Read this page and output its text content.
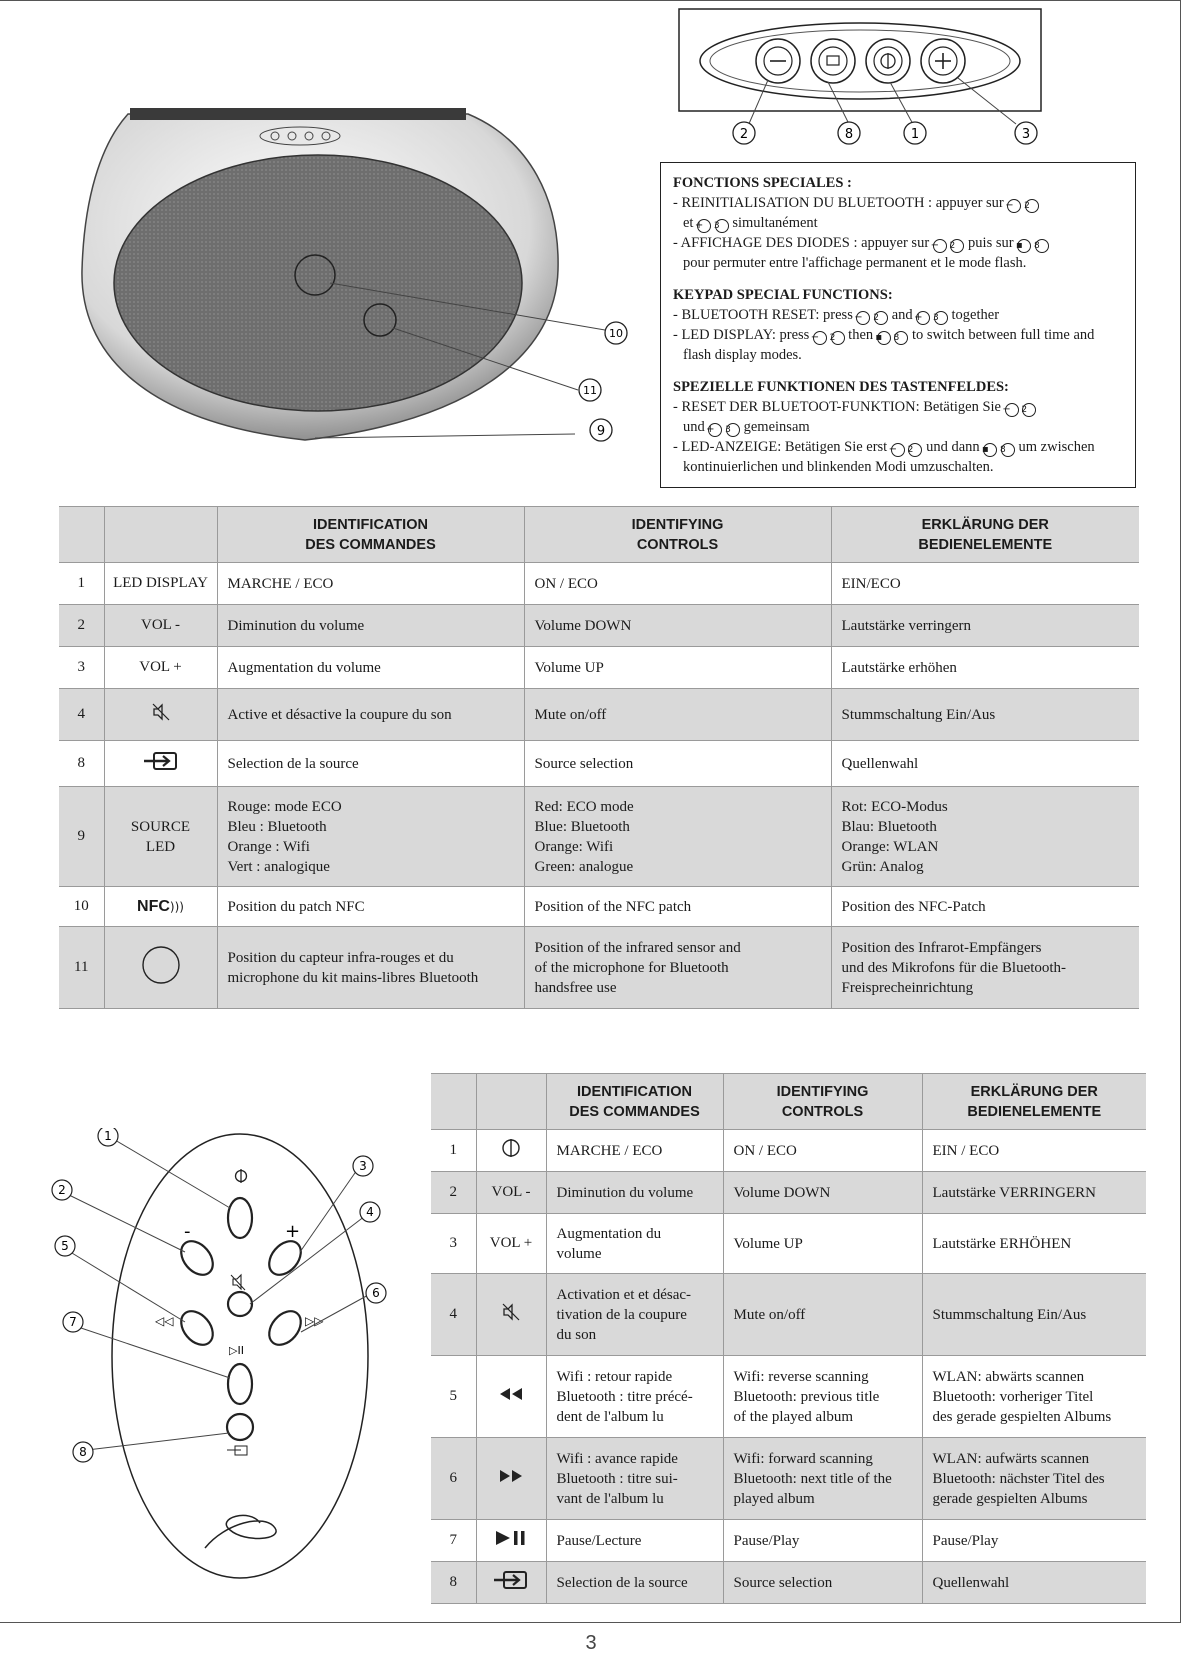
2	8	1	3
10
11
9
FONCTIONS SPECIALES :
- REINITIALISATION DU BLUETOOTH : appuyer sur − 2
et + 3 simultanément
- AFFICHAGE DES DIODES : appuyer sur − 2 puis sur ▪ 8
pour permuter entre l'affichage permanent et le mode flash.
KEYPAD SPECIAL FUNCTIONS:
- BLUETOOTH RESET: press − 2 and + 3 together
- LED DISPLAY: press − 2 then ▪ 8 to switch between full time and flash display modes.
SPEZIELLE FUNKTIONEN DES TASTENFELDES:
- RESET DER BLUETOOT-FUNKTION: Betätigen Sie − 2
und + 3 gemeinsam
- LED-ANZEIGE: Betätigen Sie erst − 2 und dann ▪ 8 um zwischen kontinuierlichen und blinkenden Modi umzuschalten.
		IDENTIFICATION
DES COMMANDES	IDENTIFYING
CONTROLS	ERKLÄRUNG DER
BEDIENELEMENTE
1	LED DISPLAY	MARCHE / ECO	ON / ECO	EIN/ECO
2	VOL -	Diminution du volume	Volume DOWN	Lautstärke verringern
3	VOL +	Augmentation du volume	Volume UP	Lautstärke erhöhen
4		Active et désactive la coupure du son	Mute on/off	Stummschaltung Ein/Aus
8		Selection de la source	Source selection	Quellenwahl
9	SOURCE
LED	Rouge: mode ECO
Bleu : Bluetooth
Orange : Wifi
Vert : analogique	Red: ECO mode
Blue: Bluetooth
Orange: Wifi
Green: analogue	Rot: ECO-Modus
Blau: Bluetooth
Orange: WLAN
Grün: Analog
10	NFC)))	Position du patch NFC	Position of the NFC patch	Position des NFC-Patch
11		Position du capteur infra-rouges et du
microphone du kit mains-libres Bluetooth	Position of the infrared sensor and
of the microphone for Bluetooth
handsfree use	Position des Infrarot-Empfängers
und des Mikrofons für die Bluetooth-
Freisprecheinrichtung
-	+
◁◁	▷▷
▷II
1
2
3
4
5
6
7
8
		IDENTIFICATION
DES COMMANDES	IDENTIFYING
CONTROLS	ERKLÄRUNG DER
BEDIENELEMENTE
1		MARCHE / ECO	ON / ECO	EIN / ECO
2	VOL -	Diminution du volume	Volume DOWN	Lautstärke VERRINGERN
3	VOL +	Augmentation du
volume	Volume UP	Lautstärke ERHÖHEN
4		Activation et et désac-
tivation de la coupure
du son	Mute on/off	Stummschaltung Ein/Aus
5		Wifi : retour rapide
Bluetooth : titre précé-
dent de l'album lu	Wifi: reverse scanning
Bluetooth: previous title
of the played album	WLAN: abwärts scannen
Bluetooth: vorheriger Titel
des gerade gespielten Albums
6		Wifi : avance rapide
Bluetooth : titre sui-
vant de l'album lu	Wifi: forward scanning
Bluetooth: next title of the
played album	WLAN: aufwärts scannen
Bluetooth: nächster Titel des
gerade gespielten Albums
7		Pause/Lecture	Pause/Play	Pause/Play
8		Selection de la source	Source selection	Quellenwahl
3
